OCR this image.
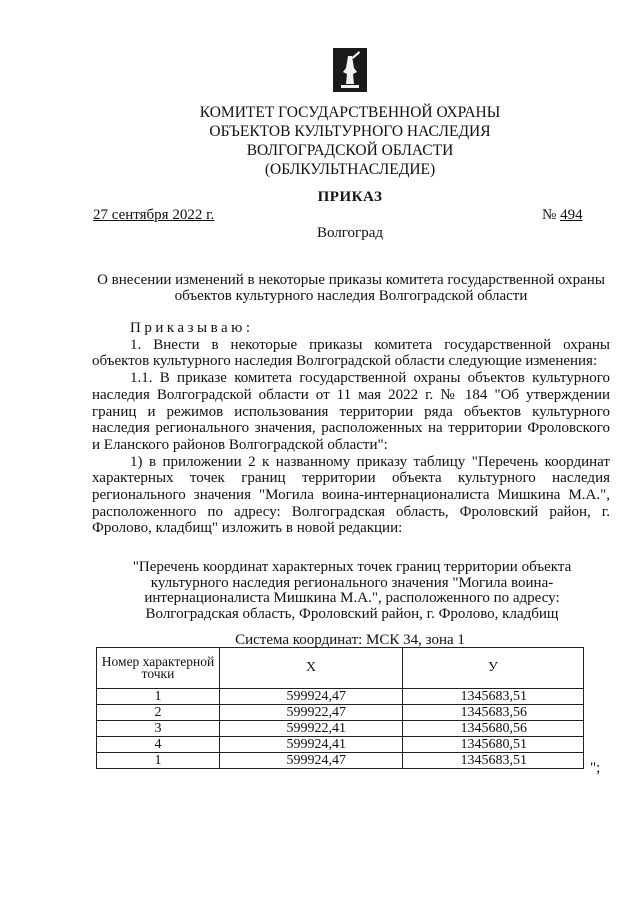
КОМИТЕТ ГОСУДАРСТВЕННОЙ ОХРАНЫ
ОБЪЕКТОВ КУЛЬТУРНОГО НАСЛЕДИЯ
ВОЛГОГРАДСКОЙ ОБЛАСТИ
(ОБЛКУЛЬТНАСЛЕДИЕ)
ПРИКАЗ
27 сентября 2022 г.	№ 494
Волгоград
О внесении изменений в некоторые приказы комитета государственной охраны объектов культурного наследия Волгоградской области

Приказываю:

1. Внести в некоторые приказы комитета государственной охраны объектов культурного наследия Волгоградской области следующие изменения:

1.1. В приказе комитета государственной охраны объектов культурного наследия Волгоградской области от 11 мая 2022 г. № 184 "Об утверждении границ и режимов использования территории ряда объектов культурного наследия регионального значения, расположенных на территории Фроловского и Еланского районов Волгоградской области":

1) в приложении 2 к названному приказу таблицу "Перечень координат характерных точек границ территории объекта культурного наследия регионального значения "Могила воина-интернационалиста Мишкина М.А.", расположенного по адресу: Волгоградская область, Фроловский район, г. Фролово, кладбищ" изложить в новой редакции:

"Перечень координат характерных точек границ территории объекта
культурного наследия регионального значения "Могила воина-
интернационалиста Мишкина М.А.", расположенного по адресу:
Волгоградская область, Фроловский район, г. Фролово, кладбищ
Система координат: МСК 34, зона 1
Номер характерной точки	X	У
1	599924,47	1345683,51
2	599922,47	1345683,56
3	599922,41	1345680,56
4	599924,41	1345680,51
1	599924,47	1345683,51	";
